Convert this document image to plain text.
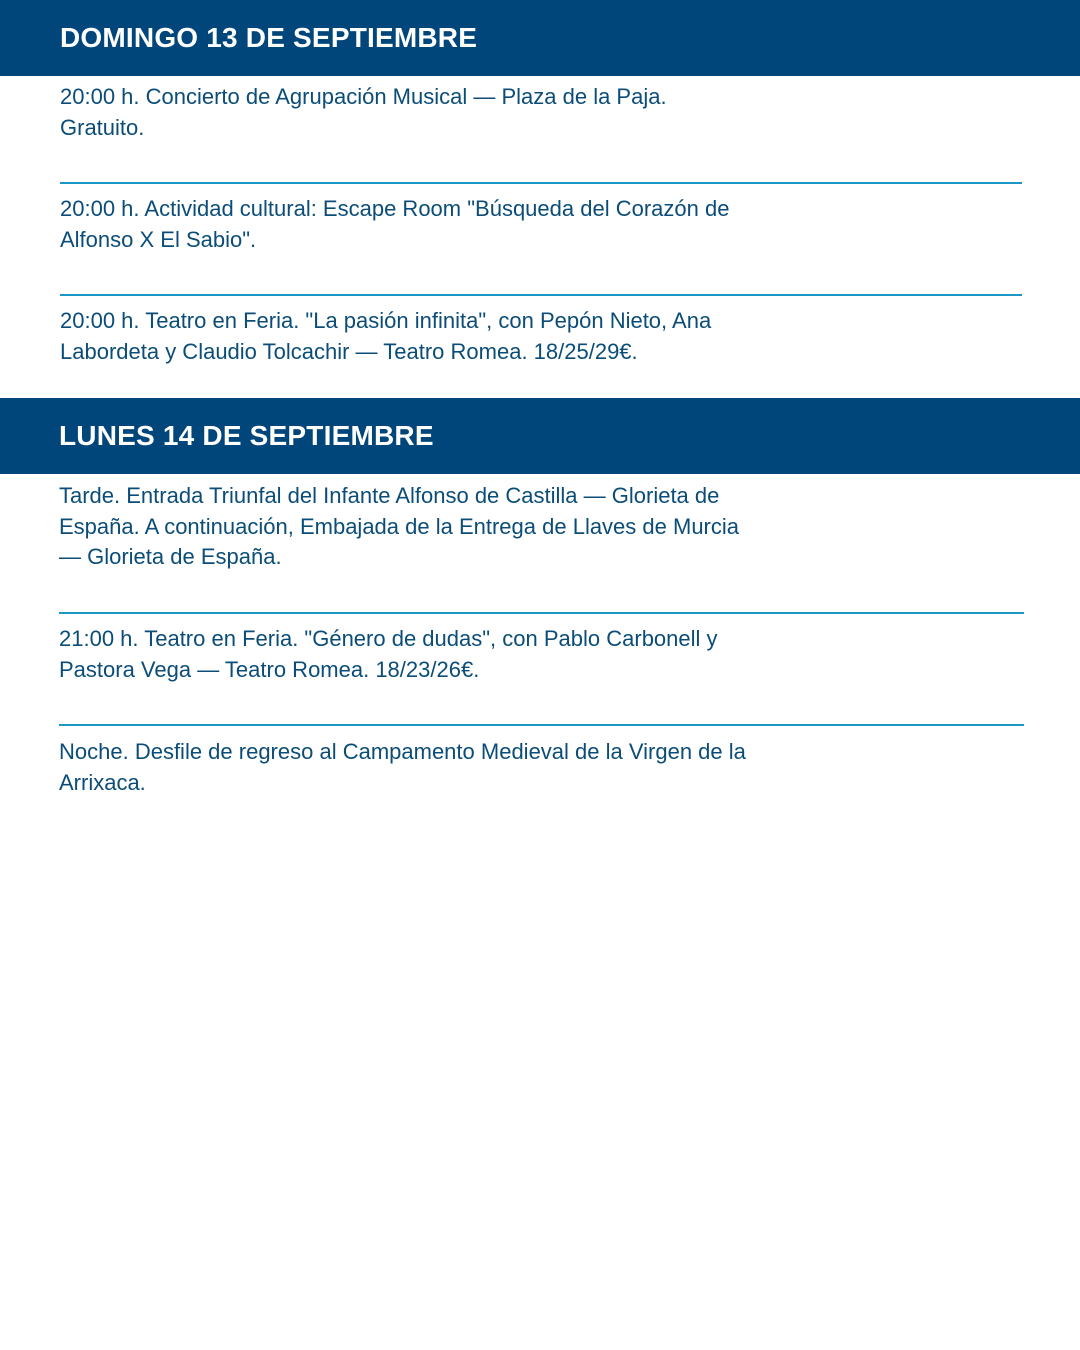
DOMINGO 13 DE SEPTIEMBRE
20:00 h. Concierto de Agrupación Musical — Plaza de la Paja. Gratuito.
20:00 h. Actividad cultural: Escape Room "Búsqueda del Corazón de Alfonso X El Sabio".
20:00 h. Teatro en Feria. "La pasión infinita", con Pepón Nieto, Ana Labordeta y Claudio Tolcachir — Teatro Romea. 18/25/29€.
LUNES 14 DE SEPTIEMBRE
Tarde. Entrada Triunfal del Infante Alfonso de Castilla — Glorieta de España. A continuación, Embajada de la Entrega de Llaves de Murcia — Glorieta de España.
21:00 h. Teatro en Feria. "Género de dudas", con Pablo Carbonell y Pastora Vega — Teatro Romea. 18/23/26€.
Noche. Desfile de regreso al Campamento Medieval de la Virgen de la Arrixaca.
